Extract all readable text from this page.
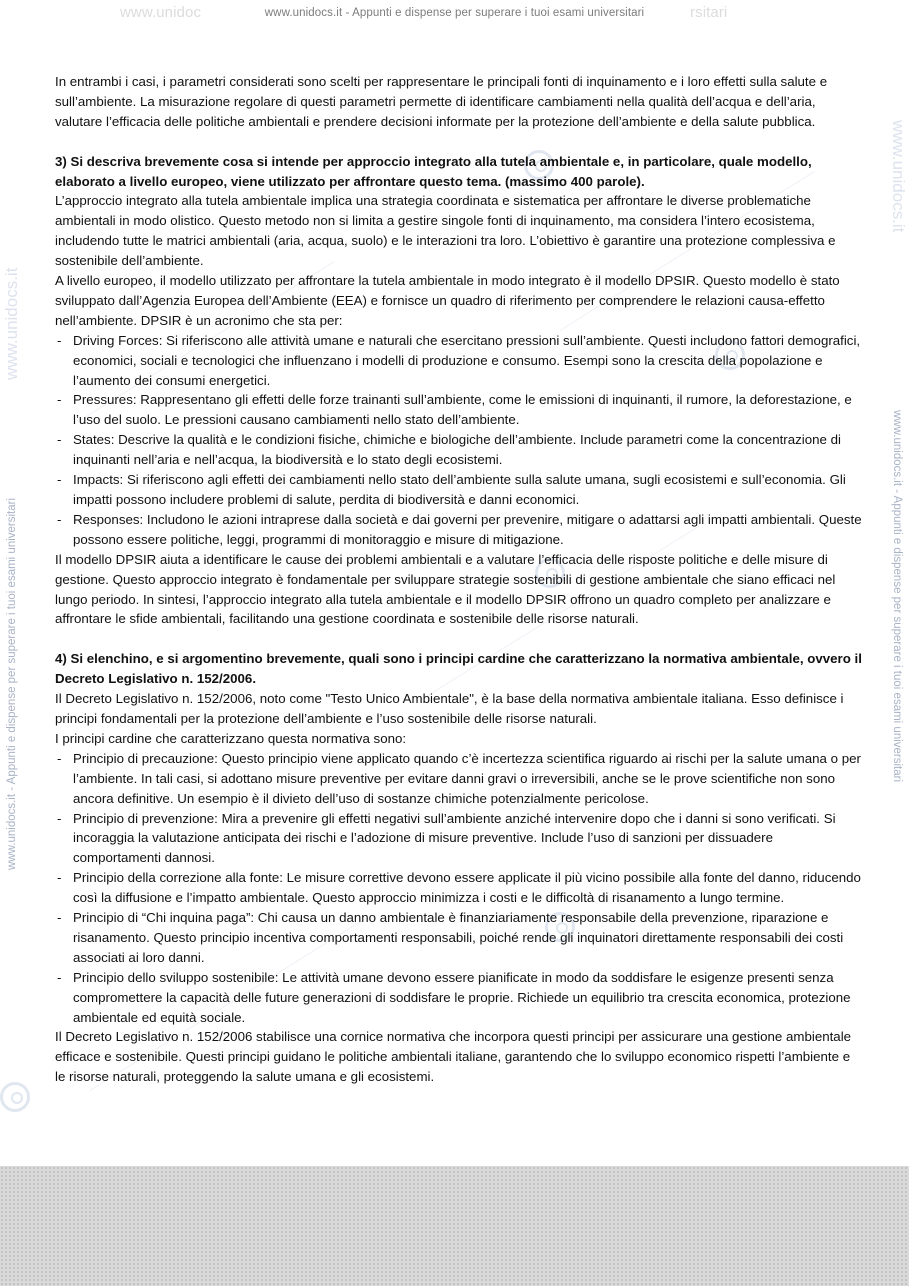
www.unidoc	www.unidocs.it - Appunti e dispense per superare i tuoi esami universitari	rsitari
www.unidocs.it
www.unidocs.it
www.unidocs.it - Appunti e dispense per superare i tuoi esami universitari	www.unidocs.it - Appunti e dispense per superare i tuoi esami universitari

In entrambi i casi, i parametri considerati sono scelti per rappresentare le principali fonti di inquinamento e i loro effetti sulla salute e sull’ambiente. La misurazione regolare di questi parametri permette di identificare cambiamenti nella qualità dell’acqua e dell’aria, valutare l’efficacia delle politiche ambientali e prendere decisioni informate per la protezione dell’ambiente e della salute pubblica.

3) Si descriva brevemente cosa si intende per approccio integrato alla tutela ambientale e, in particolare, quale modello, elaborato a livello europeo, viene utilizzato per affrontare questo tema. (massimo 400 parole).

L’approccio integrato alla tutela ambientale implica una strategia coordinata e sistematica per affrontare le diverse problematiche ambientali in modo olistico. Questo metodo non si limita a gestire singole fonti di inquinamento, ma considera l’intero ecosistema, includendo tutte le matrici ambientali (aria, acqua, suolo) e le interazioni tra loro. L’obiettivo è garantire una protezione complessiva e sostenibile dell’ambiente.

A livello europeo, il modello utilizzato per affrontare la tutela ambientale in modo integrato è il modello DPSIR. Questo modello è stato sviluppato dall’Agenzia Europea dell’Ambiente (EEA) e fornisce un quadro di riferimento per comprendere le relazioni causa-effetto nell’ambiente. DPSIR è un acronimo che sta per:

- Driving Forces: Si riferiscono alle attività umane e naturali che esercitano pressioni sull’ambiente. Questi includono fattori demografici, economici, sociali e tecnologici che influenzano i modelli di produzione e consumo. Esempi sono la crescita della popolazione e l’aumento dei consumi energetici.
- Pressures: Rappresentano gli effetti delle forze trainanti sull’ambiente, come le emissioni di inquinanti, il rumore, la deforestazione, e l’uso del suolo. Le pressioni causano cambiamenti nello stato dell’ambiente.
- States: Descrive la qualità e le condizioni fisiche, chimiche e biologiche dell’ambiente. Include parametri come la concentrazione di inquinanti nell’aria e nell’acqua, la biodiversità e lo stato degli ecosistemi.
- Impacts: Si riferiscono agli effetti dei cambiamenti nello stato dell’ambiente sulla salute umana, sugli ecosistemi e sull’economia. Gli impatti possono includere problemi di salute, perdita di biodiversità e danni economici.
- Responses: Includono le azioni intraprese dalla società e dai governi per prevenire, mitigare o adattarsi agli impatti ambientali. Queste possono essere politiche, leggi, programmi di monitoraggio e misure di mitigazione.

Il modello DPSIR aiuta a identificare le cause dei problemi ambientali e a valutare l’efficacia delle risposte politiche e delle misure di gestione. Questo approccio integrato è fondamentale per sviluppare strategie sostenibili di gestione ambientale che siano efficaci nel lungo periodo. In sintesi, l’approccio integrato alla tutela ambientale e il modello DPSIR offrono un quadro completo per analizzare e affrontare le sfide ambientali, facilitando una gestione coordinata e sostenibile delle risorse naturali.

4) Si elenchino, e si argomentino brevemente, quali sono i principi cardine che caratterizzano la normativa ambientale, ovvero il Decreto Legislativo n. 152/2006.

Il Decreto Legislativo n. 152/2006, noto come "Testo Unico Ambientale", è la base della normativa ambientale italiana. Esso definisce i principi fondamentali per la protezione dell’ambiente e l’uso sostenibile delle risorse naturali.

I principi cardine che caratterizzano questa normativa sono:

- Principio di precauzione: Questo principio viene applicato quando c’è incertezza scientifica riguardo ai rischi per la salute umana o per l’ambiente. In tali casi, si adottano misure preventive per evitare danni gravi o irreversibili, anche se le prove scientifiche non sono ancora definitive. Un esempio è il divieto dell’uso di sostanze chimiche potenzialmente pericolose.
- Principio di prevenzione: Mira a prevenire gli effetti negativi sull’ambiente anziché intervenire dopo che i danni si sono verificati. Si incoraggia la valutazione anticipata dei rischi e l’adozione di misure preventive. Include l’uso di sanzioni per dissuadere comportamenti dannosi.
- Principio della correzione alla fonte: Le misure correttive devono essere applicate il più vicino possibile alla fonte del danno, riducendo così la diffusione e l’impatto ambientale. Questo approccio minimizza i costi e le difficoltà di risanamento a lungo termine.
- Principio di “Chi inquina paga”: Chi causa un danno ambientale è finanziariamente responsabile della prevenzione, riparazione e risanamento. Questo principio incentiva comportamenti responsabili, poiché rende gli inquinatori direttamente responsabili dei costi associati ai loro danni.
- Principio dello sviluppo sostenibile: Le attività umane devono essere pianificate in modo da soddisfare le esigenze presenti senza compromettere la capacità delle future generazioni di soddisfare le proprie. Richiede un equilibrio tra crescita economica, protezione ambientale ed equità sociale.

Il Decreto Legislativo n. 152/2006 stabilisce una cornice normativa che incorpora questi principi per assicurare una gestione ambientale efficace e sostenibile. Questi principi guidano le politiche ambientali italiane, garantendo che lo sviluppo economico rispetti l’ambiente e le risorse naturali, proteggendo la salute umana e gli ecosistemi.
